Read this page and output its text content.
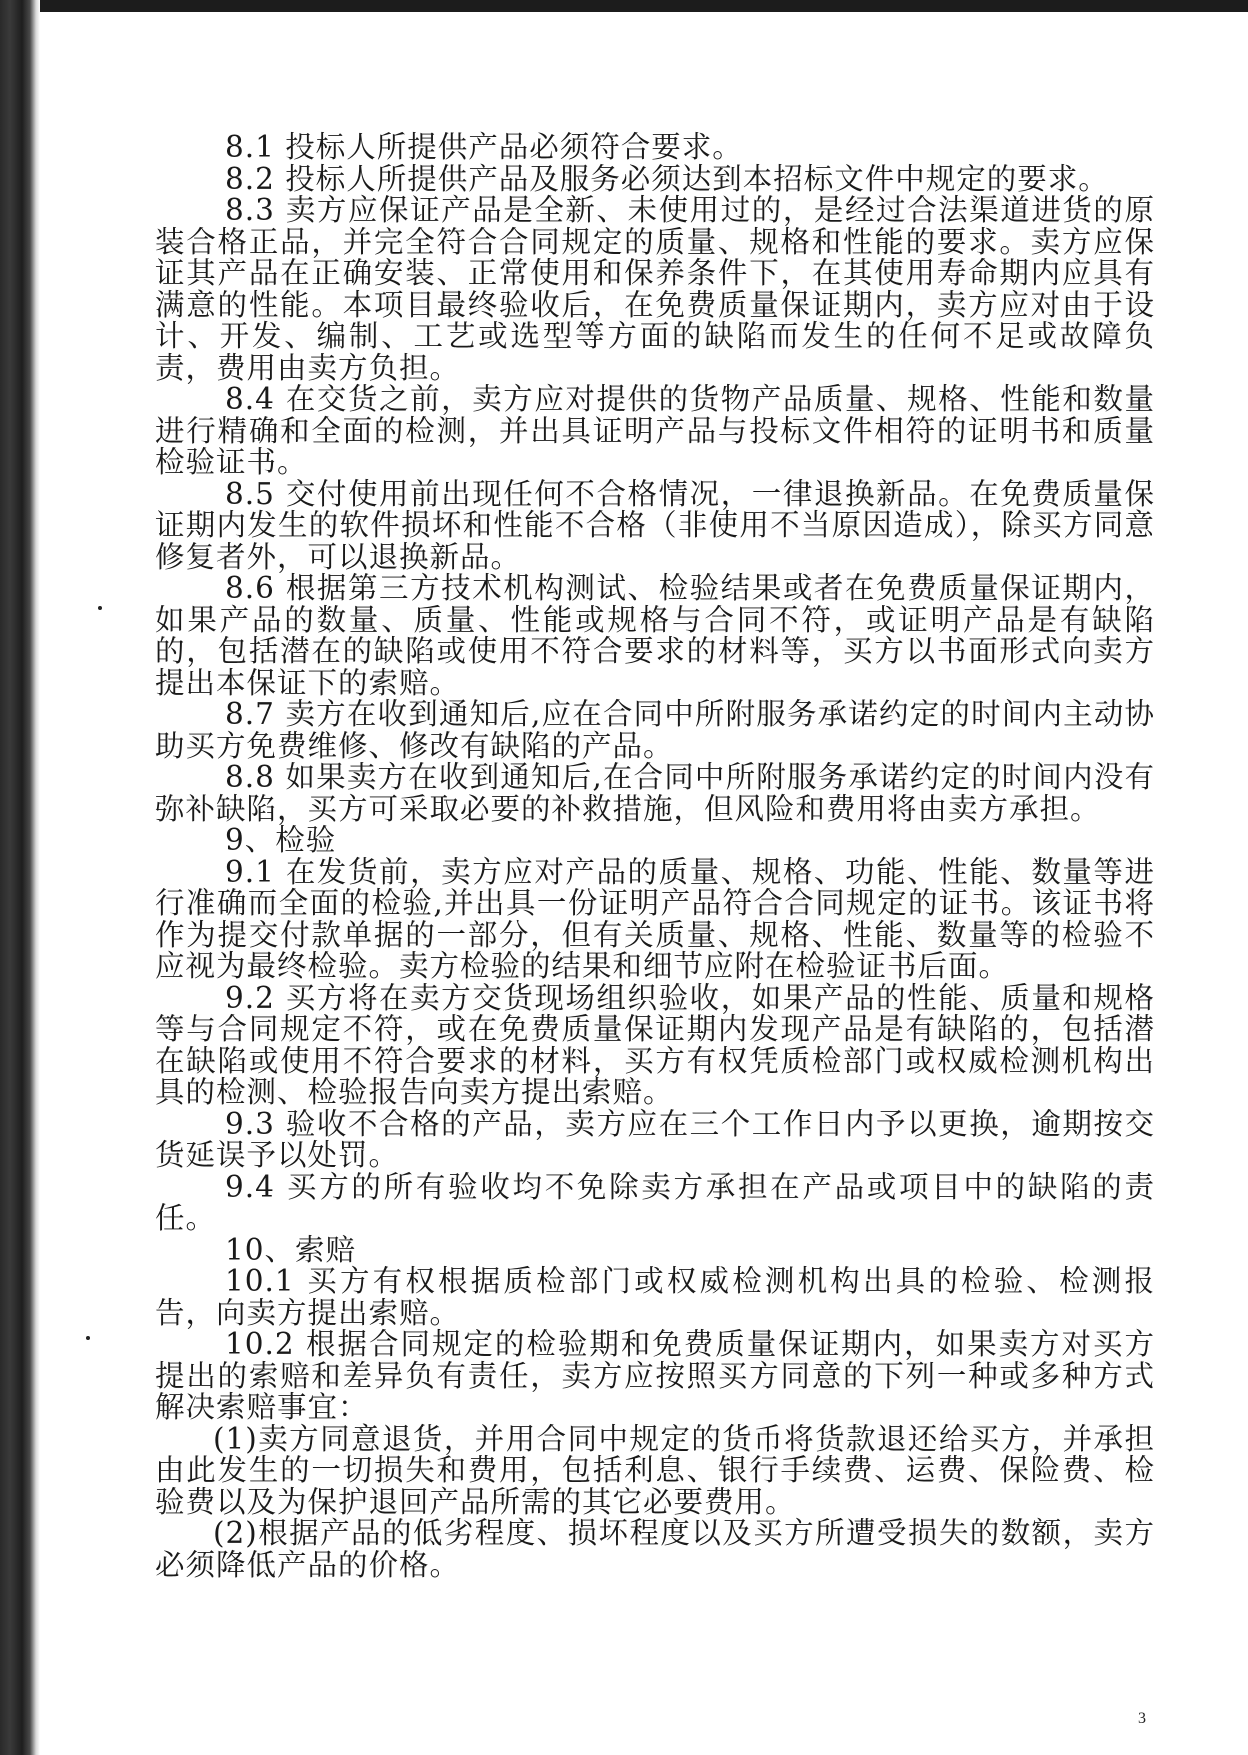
8.1 投标人所提供产品必须符合要求。

8.2 投标人所提供产品及服务必须达到本招标文件中规定的要求。

8.3 卖方应保证产品是全新、未使用过的，是经过合法渠道进货的原装合格正品，并完全符合合同规定的质量、规格和性能的要求。卖方应保证其产品在正确安装、正常使用和保养条件下，在其使用寿命期内应具有满意的性能。本项目最终验收后，在免费质量保证期内，卖方应对由于设计、开发、编制、工艺或选型等方面的缺陷而发生的任何不足或故障负责，费用由卖方负担。

8.4 在交货之前，卖方应对提供的货物产品质量、规格、性能和数量进行精确和全面的检测，并出具证明产品与投标文件相符的证明书和质量检验证书。

8.5 交付使用前出现任何不合格情况，一律退换新品。在免费质量保证期内发生的软件损坏和性能不合格（非使用不当原因造成），除买方同意修复者外，可以退换新品。

8.6 根据第三方技术机构测试、检验结果或者在免费质量保证期内，如果产品的数量、质量、性能或规格与合同不符，或证明产品是有缺陷的，包括潜在的缺陷或使用不符合要求的材料等，买方以书面形式向卖方提出本保证下的索赔。

8.7 卖方在收到通知后,应在合同中所附服务承诺约定的时间内主动协助买方免费维修、修改有缺陷的产品。

8.8 如果卖方在收到通知后,在合同中所附服务承诺约定的时间内没有弥补缺陷，买方可采取必要的补救措施，但风险和费用将由卖方承担。

9、检验

9.1 在发货前，卖方应对产品的质量、规格、功能、性能、数量等进行准确而全面的检验,并出具一份证明产品符合合同规定的证书。该证书将作为提交付款单据的一部分，但有关质量、规格、性能、数量等的检验不应视为最终检验。卖方检验的结果和细节应附在检验证书后面。

9.2 买方将在卖方交货现场组织验收，如果产品的性能、质量和规格等与合同规定不符，或在免费质量保证期内发现产品是有缺陷的，包括潜在缺陷或使用不符合要求的材料，买方有权凭质检部门或权威检测机构出具的检测、检验报告向卖方提出索赔。

9.3 验收不合格的产品，卖方应在三个工作日内予以更换，逾期按交货延误予以处罚。

9.4 买方的所有验收均不免除卖方承担在产品或项目中的缺陷的责任。

10、索赔

10.1 买方有权根据质检部门或权威检测机构出具的检验、检测报告，向卖方提出索赔。

10.2 根据合同规定的检验期和免费质量保证期内，如果卖方对买方提出的索赔和差异负有责任，卖方应按照买方同意的下列一种或多种方式解决索赔事宜：

(1)卖方同意退货，并用合同中规定的货币将货款退还给买方，并承担由此发生的一切损失和费用，包括利息、银行手续费、运费、保险费、检验费以及为保护退回产品所需的其它必要费用。

(2)根据产品的低劣程度、损坏程度以及买方所遭受损失的数额，卖方必须降低产品的价格。

3
